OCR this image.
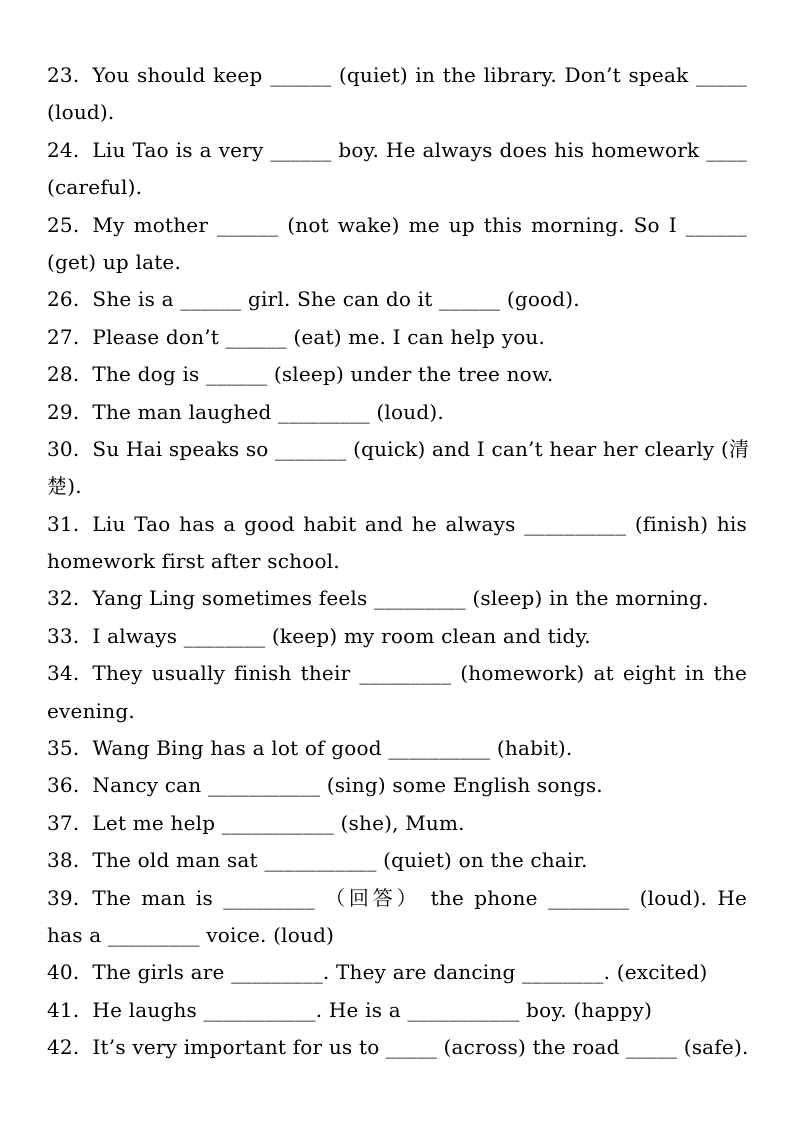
23. You should keep ______ (quiet) in the library. Don’t speak _____
(loud).
24. Liu Tao is a very ______ boy. He always does his homework ____
(careful).
25. My mother ______ (not wake) me up this morning. So I ______
(get) up late.
26. She is a ______ girl. She can do it ______ (good).
27. Please don’t ______ (eat) me. I can help you.
28. The dog is ______ (sleep) under the tree now.
29. The man laughed _________ (loud).
30. Su Hai speaks so _______ (quick) and I can’t hear her clearly (清
楚).
31. Liu Tao has a good habit and he always __________ (finish) his
homework first after school.
32. Yang Ling sometimes feels _________ (sleep) in the morning.
33. I always ________ (keep) my room clean and tidy.
34. They usually finish their _________ (homework) at eight in the
evening.
35. Wang Bing has a lot of good __________ (habit).
36. Nancy can ___________ (sing) some English songs.
37. Let me help ___________ (she), Mum.
38. The old man sat ___________ (quiet) on the chair.
39. The man is _________ （回答） the phone ________ (loud). He
has a _________ voice. (loud)
40. The girls are _________. They are dancing ________. (excited)
41. He laughs ___________. He is a ___________ boy. (happy)
42. It’s very important for us to _____ (across) the road _____ (safe).
